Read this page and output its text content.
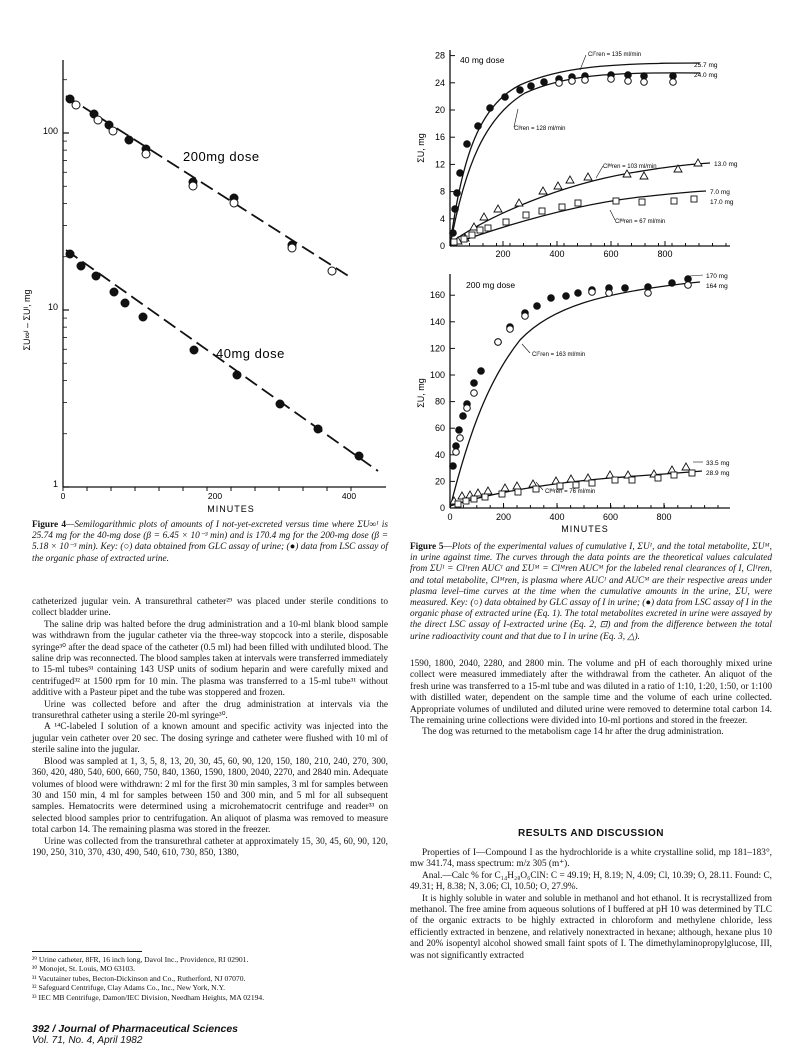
100
10
1
0	200	400
MINUTES
ΣU∞ᴵ – ΣUᴵ, mg
200mg dose
40mg dose
Figure 4—Semilogarithmic plots of amounts of I not-yet-excreted versus time where ΣU∞ᴵ is 25.74 mg for the 40-mg dose (β = 6.45 × 10⁻³ min) and is 170.4 mg for the 200-mg dose (β = 5.18 × 10⁻³ min). Key: (○) data obtained from GLC assay of urine; (●) data from LSC assay of the organic phase of extracted urine.
0
4
8
12
16
20
24
28
200	400	600	800
ΣU, mg
40 mg dose	Clᵀren = 135 ml/min
Clᴵren = 128 ml/min
Clᴹren = 103 ml/min
Clᴹren = 67 ml/min
25.7 mg
24.0 mg
13.0 mg
7.0 mg
17.0 mg
0
20
40
60
80
100
120
140
160
0	200	400	600	800
MINUTES
ΣU, mg
200 mg dose
Clᵀren = 163 ml/min
Clᴹren = 76 ml/min
170 mg
164 mg
33.5 mg
28.9 mg
Figure 5—Plots of the experimental values of cumulative I, ΣUᴵ, and the total metabolite, ΣUᴹ, in urine against time. The curves through the data points are the theoretical values calculated from ΣUᴵ = Clᴵren AUCᴵ and ΣUᴹ = Clᴹren AUCᴹ for the labeled renal clearances of I, Clᴵren, and total metabolite, Clᴹren, is plasma where AUCᴵ and AUCᴹ are their respective areas under plasma level–time curves at the time when the cumulative amounts in the urine, ΣU, were measured. Key: (○) data obtained by GLC assay of I in urine; (●) data from LSC assay of I in the organic phase of extracted urine (Eq. 1). The total metabolites excreted in urine were assayed by the direct LSC assay of I-extracted urine (Eq. 2, ⊡) and from the difference between the total urine radioactivity count and that due to I in urine (Eq. 3, △).

catheterized jugular vein. A transurethral catheter²⁹ was placed under sterile conditions to collect bladder urine.

The saline drip was halted before the drug administration and a 10-ml blank blood sample was withdrawn from the jugular catheter via the three-way stopcock into a sterile, disposable syringe³⁰ after the dead space of the catheter (0.5 ml) had been filled with undiluted blood. The saline drip was reconnected. The blood samples taken at intervals were transferred immediately to 15-ml tubes³¹ containing 143 USP units of sodium heparin and were carefully mixed and centrifuged³² at 1500 rpm for 10 min. The plasma was transferred to a 15-ml tube³¹ without additive with a Pasteur pipet and the tube was stoppered and frozen.

Urine was collected before and after the drug administration at intervals via the transurethral catheter using a sterile 20-ml syringe³⁰.

A ¹⁴C-labeled I solution of a known amount and specific activity was injected into the jugular vein catheter over 20 sec. The dosing syringe and catheter were flushed with 10 ml of sterile saline into the jugular.

Blood was sampled at 1, 3, 5, 8, 13, 20, 30, 45, 60, 90, 120, 150, 180, 210, 240, 270, 300, 360, 420, 480, 540, 600, 660, 750, 840, 1360, 1590, 1800, 2040, 2270, and 2840 min. Adequate volumes of blood were withdrawn: 2 ml for the first 30 min samples, 3 ml for samples between 30 and 150 min, 4 ml for samples between 150 and 300 min, and 5 ml for all subsequent samples. Hematocrits were determined using a microhematocrit centrifuge and reader³³ on selected blood samples prior to centrifugation. An aliquot of plasma was removed to measure total carbon 14. The remaining plasma was stored in the freezer.

Urine was collected from the transurethral catheter at approximately 15, 30, 45, 60, 90, 120, 190, 250, 310, 370, 430, 490, 540, 610, 730, 850, 1380,

²⁹ Urine catheter, 8FR, 16 inch long, Davol Inc., Providence, RI 02901.
³⁰ Monojet, St. Louis, MO 63103.
³¹ Vacutainer tubes, Becton-Dickinson and Co., Rutherford, NJ 07070.
³² Safeguard Centrifuge, Clay Adams Co., Inc., New York, N.Y.
³³ IEC MB Centrifuge, Damon/IEC Division, Needham Heights, MA 02194.
392 / Journal of Pharmaceutical Sciences
Vol. 71, No. 4, April 1982

1590, 1800, 2040, 2280, and 2800 min. The volume and pH of each thoroughly mixed urine collect were measured immediately after the withdrawal from the catheter. An aliquot of the fresh urine was transferred to a 15-ml tube and was diluted in a ratio of 1:10, 1:20, 1:50, or 1:100 with distilled water, dependent on the sample time and the volume of each urine collected. Appropriate volumes of undiluted and diluted urine were removed to determine total carbon 14. The remaining urine collections were divided into 10-ml portions and stored in the freezer.

The dog was returned to the metabolism cage 14 hr after the drug administration.

RESULTS AND DISCUSSION

Properties of I—Compound I as the hydrochloride is a white crystalline solid, mp 181–183°, mw 341.74, mass spectrum: m/z 305 (m⁺).

Anal.—Calc % for C₁₄H₂₈O₆ClN: C = 49.19; H, 8.19; N, 4.09; Cl, 10.39; O, 28.11. Found: C, 49.31; H, 8.38; N, 3.06; Cl, 10.50; O, 27.9%.

It is highly soluble in water and soluble in methanol and hot ethanol. It is recrystallized from methanol. The free amine from aqueous solutions of I buffered at pH 10 was determined by TLC of the organic extracts to be highly extracted in chloroform and methylene chloride, less efficiently extracted in benzene, and relatively nonextracted in hexane; although, hexane plus 10 and 20% isopentyl alcohol showed small faint spots of I. The dimethylaminopropylglucose, III, was not significantly extracted
